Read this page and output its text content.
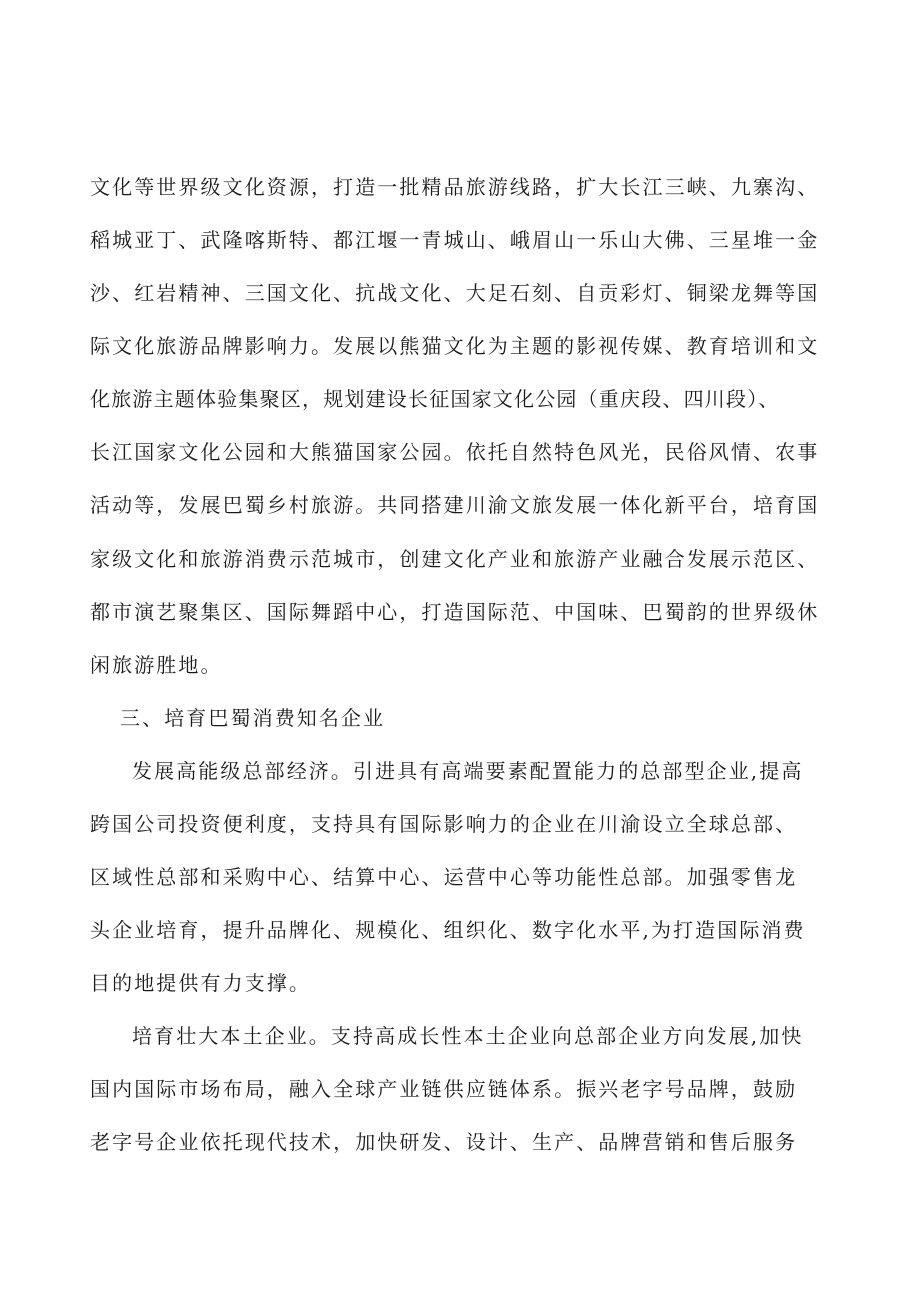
文化等世界级文化资源，打造一批精品旅游线路，扩大长江三峡、九寨沟、

稻城亚丁、武隆喀斯特、都江堰一青城山、峨眉山一乐山大佛、三星堆一金

沙、红岩精神、三国文化、抗战文化、大足石刻、自贡彩灯、铜梁龙舞等国

际文化旅游品牌影响力。发展以熊猫文化为主题的影视传媒、教育培训和文

化旅游主题体验集聚区，规划建设长征国家文化公园（重庆段、四川段）、

长江国家文化公园和大熊猫国家公园。依托自然特色风光，民俗风情、农事

活动等，发展巴蜀乡村旅游。共同搭建川渝文旅发展一体化新平台，培育国

家级文化和旅游消费示范城市，创建文化产业和旅游产业融合发展示范区、

都市演艺聚集区、国际舞蹈中心，打造国际范、中国味、巴蜀韵的世界级休

闲旅游胜地。

三、培育巴蜀消费知名企业

发展高能级总部经济。引进具有高端要素配置能力的总部型企业,提高

跨国公司投资便利度，支持具有国际影响力的企业在川渝设立全球总部、

区域性总部和采购中心、结算中心、运营中心等功能性总部。加强零售龙

头企业培育，提升品牌化、规模化、组织化、数字化水平,为打造国际消费

目的地提供有力支撑。

培育壮大本土企业。支持高成长性本土企业向总部企业方向发展,加快

国内国际市场布局，融入全球产业链供应链体系。振兴老字号品牌，鼓励

老字号企业依托现代技术，加快研发、设计、生产、品牌营销和售后服务
